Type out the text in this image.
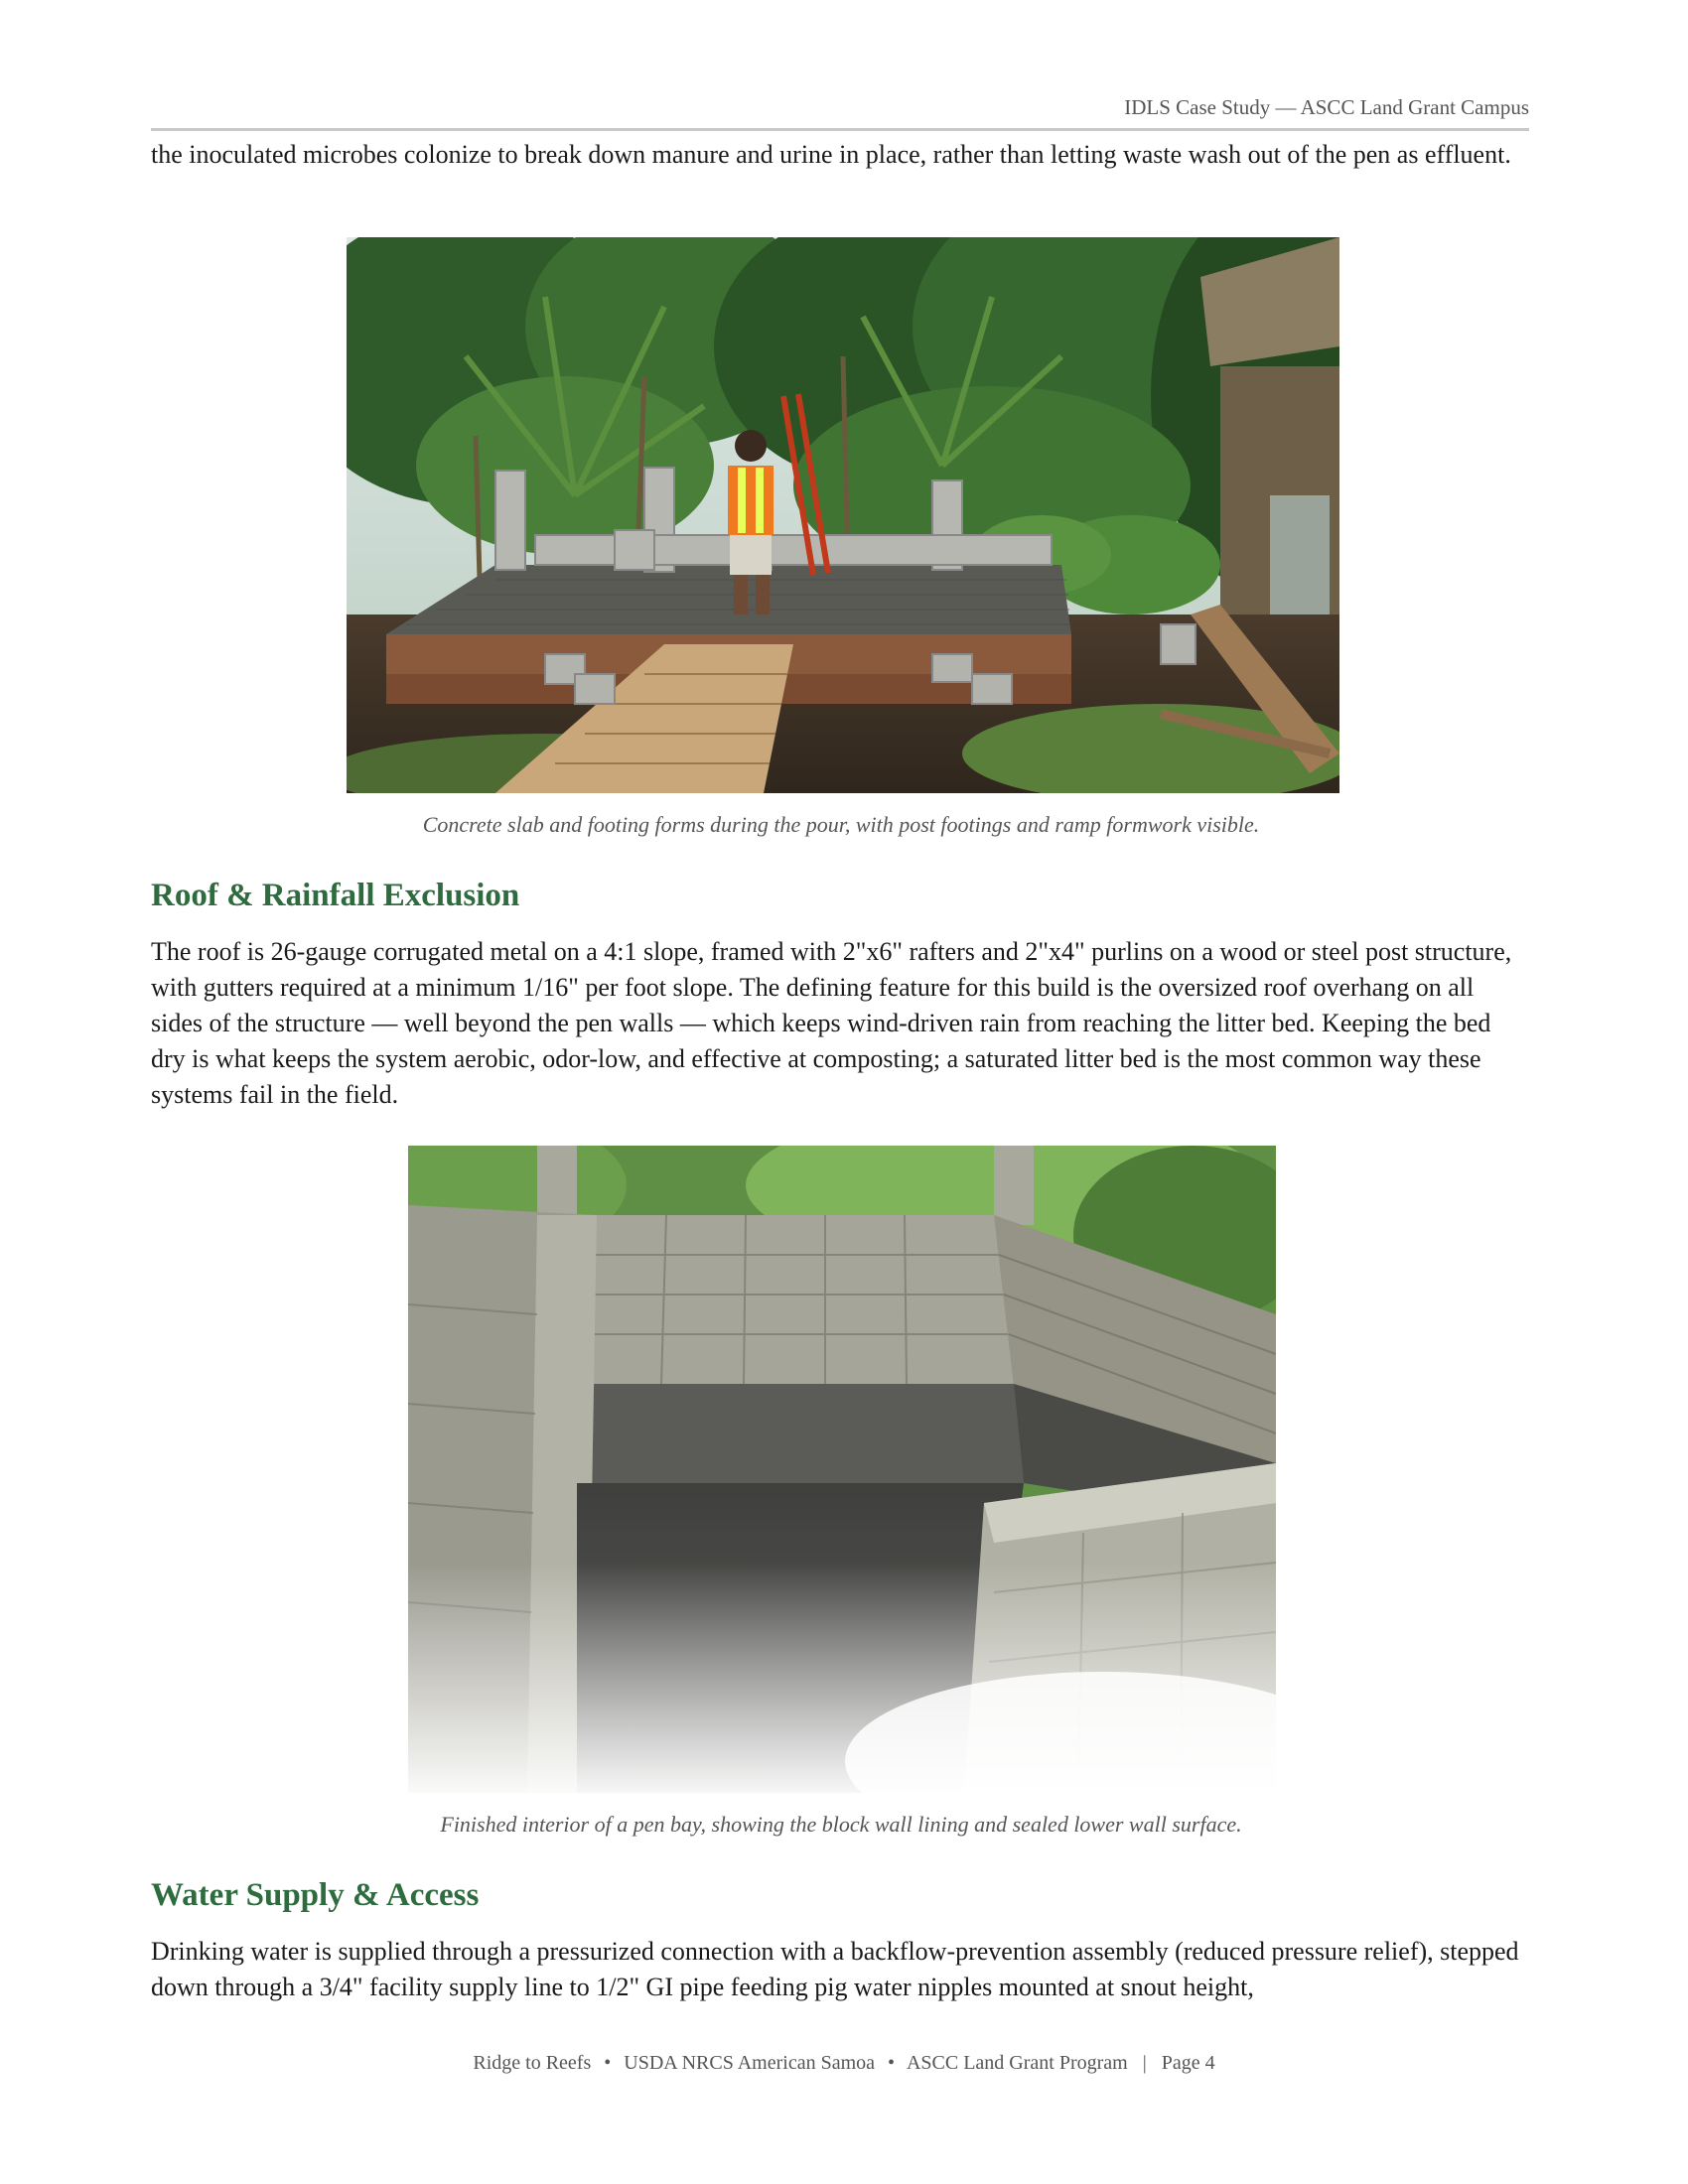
IDLS Case Study — ASCC Land Grant Campus

the inoculated microbes colonize to break down manure and urine in place, rather than letting waste wash out of the pen as effluent.

Concrete slab and footing forms during the pour, with post footings and ramp formwork visible.
Roof & Rainfall Exclusion

The roof is 26-gauge corrugated metal on a 4:1 slope, framed with 2"x6" rafters and 2"x4" purlins on a wood or steel post structure, with gutters required at a minimum 1/16" per foot slope. The defining feature for this build is the oversized roof overhang on all sides of the structure — well beyond the pen walls — which keeps wind-driven rain from reaching the litter bed. Keeping the bed dry is what keeps the system aerobic, odor-low, and effective at composting; a saturated litter bed is the most common way these systems fail in the field.

Finished interior of a pen bay, showing the block wall lining and sealed lower wall surface.
Water Supply & Access

Drinking water is supplied through a pressurized connection with a backflow-prevention assembly (reduced pressure relief), stepped down through a 3/4" facility supply line to 1/2" GI pipe feeding pig water nipples mounted at snout height,

Ridge to Reefs • USDA NRCS American Samoa • ASCC Land Grant Program | Page 4
